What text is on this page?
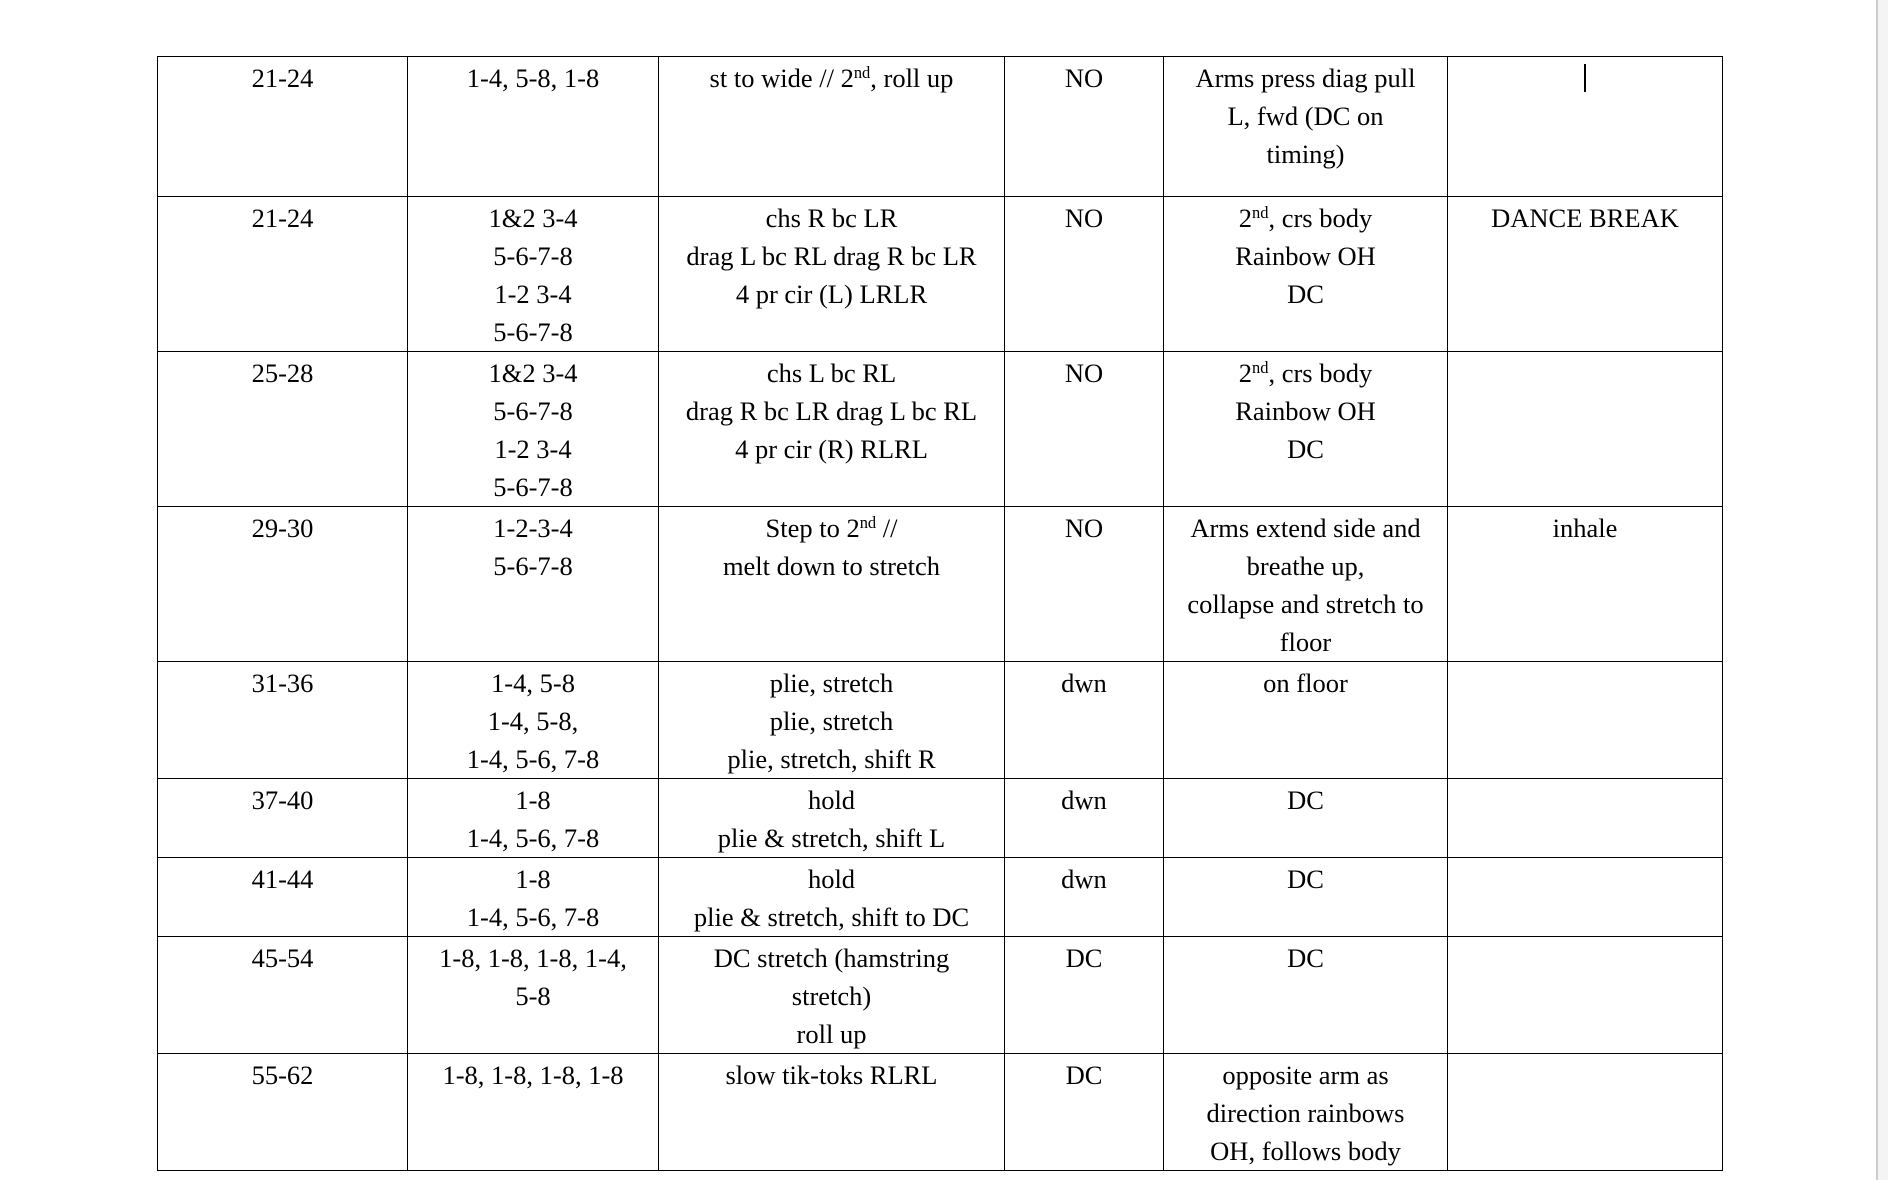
21-24	1-4, 5-8, 1-8	st to wide // 2nd, roll up	NO	Arms press diag pull
L, fwd (DC on
timing)	

21-24	1&2 3-4
5-6-7-8
1-2 3-4
5-6-7-8	chs R bc LR
drag L bc RL drag R bc LR
4 pr cir (L) LRLR	NO	2nd, crs body
Rainbow OH
DC	DANCE BREAK

25-28	1&2 3-4
5-6-7-8
1-2 3-4
5-6-7-8	chs L bc RL
drag R bc LR drag L bc RL
4 pr cir (R) RLRL	NO	2nd, crs body
Rainbow OH
DC	

29-30	1-2-3-4
5-6-7-8	Step to 2nd //
melt down to stretch	NO	Arms extend side and
breathe up,
collapse and stretch to
floor	inhale

31-36	1-4, 5-8
1-4, 5-8,
1-4, 5-6, 7-8	plie, stretch
plie, stretch
plie, stretch, shift R	dwn	on floor	

37-40	1-8
1-4, 5-6, 7-8	hold
plie & stretch, shift L	dwn	DC	

41-44	1-8
1-4, 5-6, 7-8	hold
plie & stretch, shift to DC	dwn	DC	

45-54	1-8, 1-8, 1-8, 1-4,
5-8	DC stretch (hamstring
stretch)
roll up	DC	DC	

55-62	1-8, 1-8, 1-8, 1-8	slow tik-toks RLRL	DC	opposite arm as
direction rainbows
OH, follows body	
